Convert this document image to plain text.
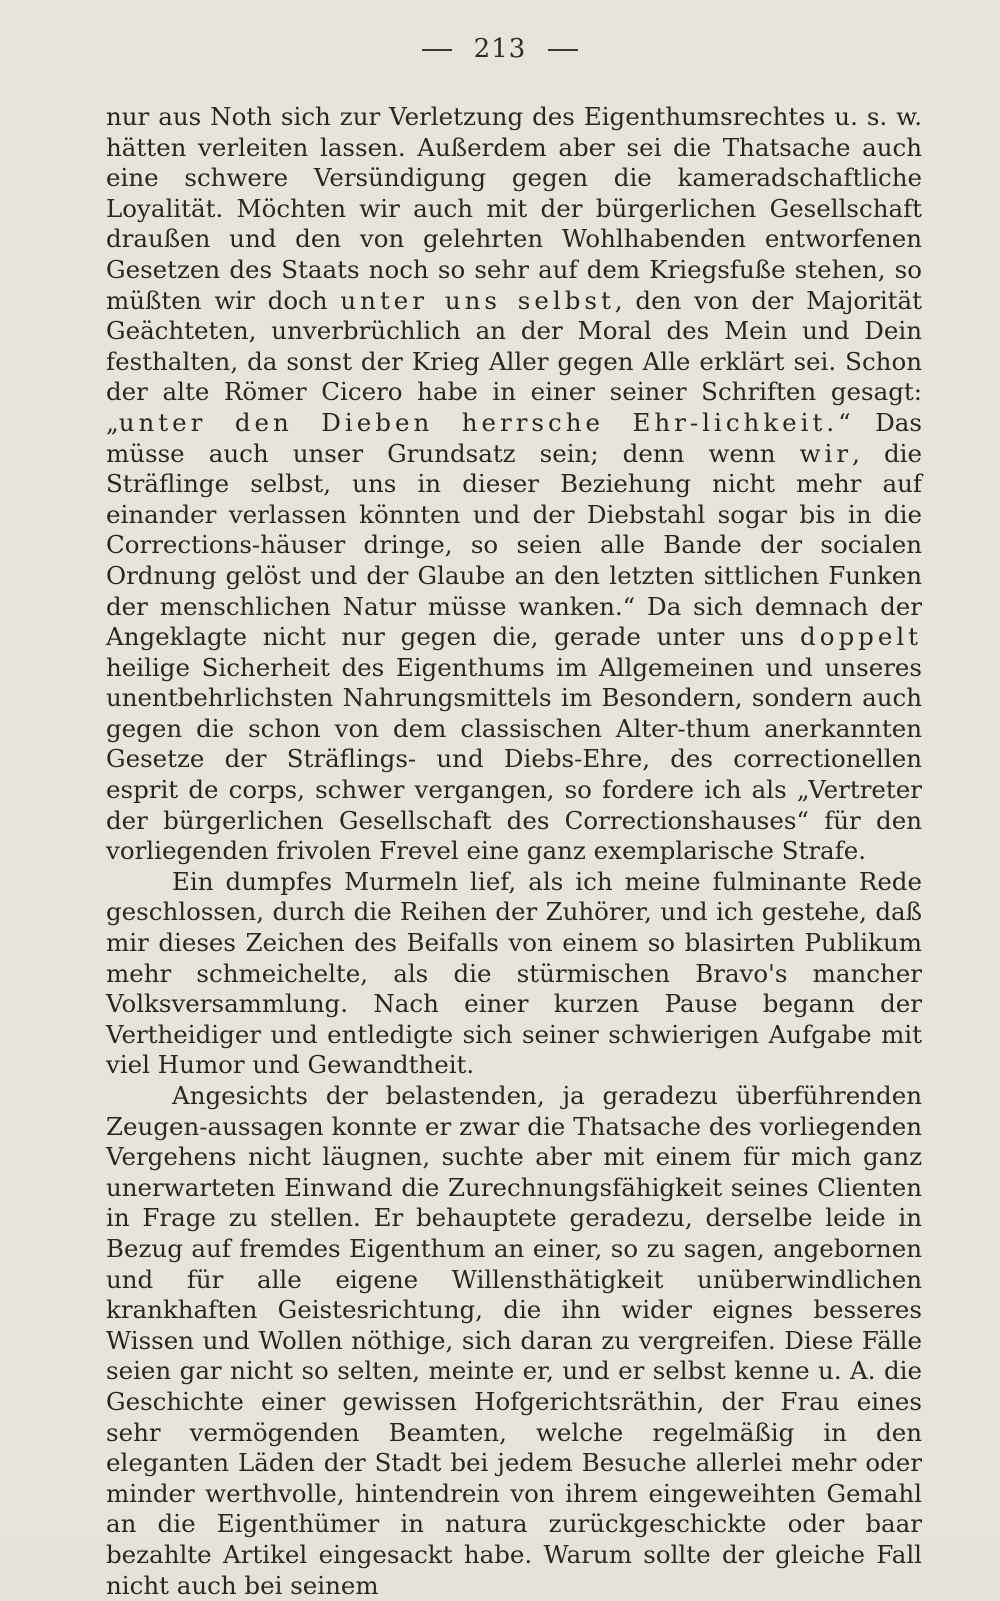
213

nur aus Noth sich zur Verletzung des Eigenthumsrechtes u. s. w. hätten verleiten lassen. Außerdem aber sei die Thatsache auch eine schwere Versündigung gegen die kameradschaftliche Loyalität. Möchten wir auch mit der bürgerlichen Gesellschaft draußen und den von gelehrten Wohlhabenden entworfenen Gesetzen des Staats noch so sehr auf dem Kriegsfuße stehen, so müßten wir doch unter uns selbst, den von der Majorität Geächteten, unverbrüchlich an der Moral des Mein und Dein festhalten, da sonst der Krieg Aller gegen Alle erklärt sei. Schon der alte Römer Cicero habe in einer seiner Schriften gesagt: „unter den Dieben herrsche Ehr-lichkeit.“ Das müsse auch unser Grundsatz sein; denn wenn wir, die Sträflinge selbst, uns in dieser Beziehung nicht mehr auf einander verlassen könnten und der Diebstahl sogar bis in die Corrections-häuser dringe, so seien alle Bande der socialen Ordnung gelöst und der Glaube an den letzten sittlichen Funken der menschlichen Natur müsse wanken.“ Da sich demnach der Angeklagte nicht nur gegen die, gerade unter uns doppelt heilige Sicherheit des Eigenthums im Allgemeinen und unseres unentbehrlichsten Nahrungsmittels im Besondern, sondern auch gegen die schon von dem classischen Alter-thum anerkannten Gesetze der Sträflings- und Diebs-Ehre, des correctionellen esprit de corps, schwer vergangen, so fordere ich als „Vertreter der bürgerlichen Gesellschaft des Correctionshauses“ für den vorliegenden frivolen Frevel eine ganz exemplarische Strafe.

Ein dumpfes Murmeln lief, als ich meine fulminante Rede geschlossen, durch die Reihen der Zuhörer, und ich gestehe, daß mir dieses Zeichen des Beifalls von einem so blasirten Publikum mehr schmeichelte, als die stürmischen Bravo's mancher Volksversammlung. Nach einer kurzen Pause begann der Vertheidiger und entledigte sich seiner schwierigen Aufgabe mit viel Humor und Gewandtheit.

Angesichts der belastenden, ja geradezu überführenden Zeugen-aussagen konnte er zwar die Thatsache des vorliegenden Vergehens nicht läugnen, suchte aber mit einem für mich ganz unerwarteten Einwand die Zurechnungsfähigkeit seines Clienten in Frage zu stellen. Er behauptete geradezu, derselbe leide in Bezug auf fremdes Eigenthum an einer, so zu sagen, angebornen und für alle eigene Willensthätigkeit unüberwindlichen krankhaften Geistesrichtung, die ihn wider eignes besseres Wissen und Wollen nöthige, sich daran zu vergreifen. Diese Fälle seien gar nicht so selten, meinte er, und er selbst kenne u. A. die Geschichte einer gewissen Hofgerichtsräthin, der Frau eines sehr vermögenden Beamten, welche regelmäßig in den eleganten Läden der Stadt bei jedem Besuche allerlei mehr oder minder werthvolle, hintendrein von ihrem eingeweihten Gemahl an die Eigenthümer in natura zurückgeschickte oder baar bezahlte Artikel eingesackt habe. Warum sollte der gleiche Fall nicht auch bei seinem
